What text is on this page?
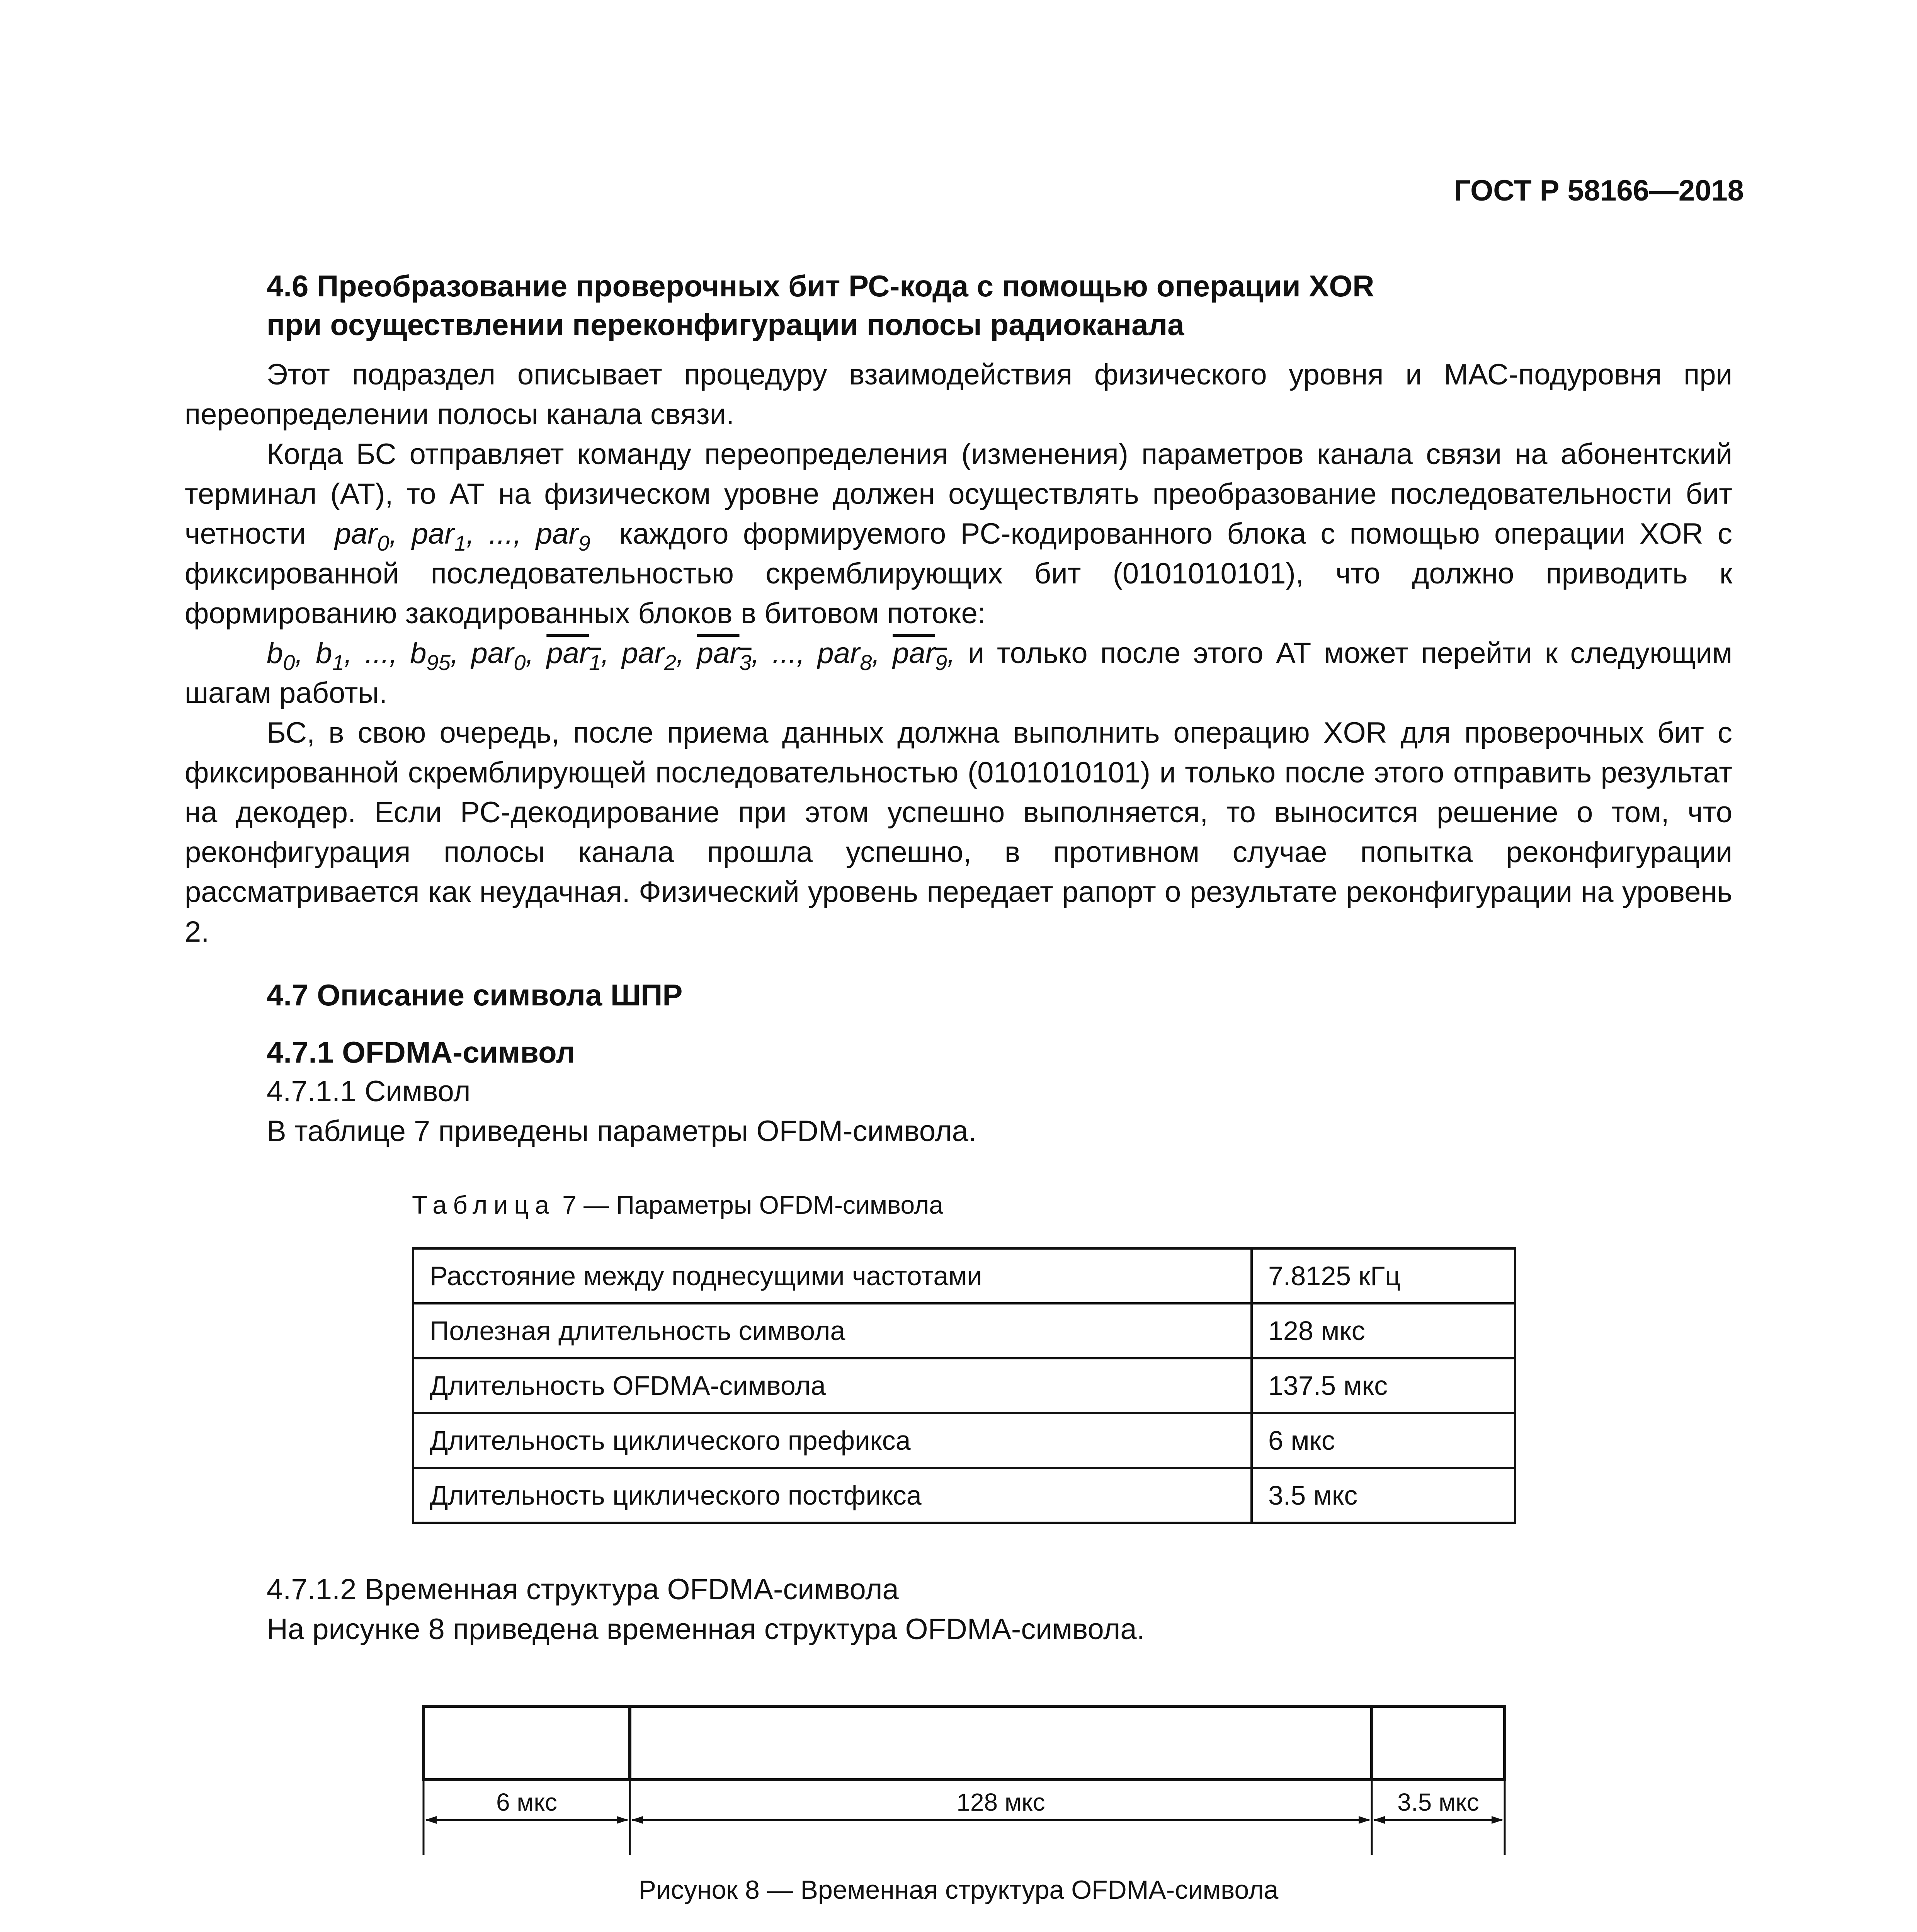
ГОСТ Р 58166—2018
4.6 Преобразование проверочных бит РС-кода с помощью операции XOR
при осуществлении переконфигурации полосы радиоканала

Этот подраздел описывает процедуру взаимодействия физического уровня и МАС-подуровня при переопределении полосы канала связи.

Когда БС отправляет команду переопределения (изменения) параметров канала связи на абонентский терминал (АТ), то АТ на физическом уровне должен осуществлять преобразование последовательности бит четности  par$_0$, par$_1$, ..., par$_9$ каждого формируемого РС-кодированного блока с помощью операции XOR с фиксированной последовательностью скремблирующих бит (0101010101), что должно приводить к формированию закодированных блоков в битовом потоке:

$b_0$, $b_1$, ..., $b_{95}$, par$_0$, par$_1$, par$_2$, par$_3$, ..., par$_8$, par$_9$, и только после этого АТ может перейти к следующим шагам работы.

БС, в свою очередь, после приема данных должна выполнить операцию XOR для проверочных бит с фиксированной скремблирующей последовательностью (0101010101) и только после этого отправить результат на декодер. Если РС-декодирование при этом успешно выполняется, то выносится решение о том, что реконфигурация полосы канала прошла успешно, в противном случае попытка реконфигурации рассматривается как неудачная. Физический уровень передает рапорт о результате реконфигурации на уровень 2.

4.7 Описание символа ШПР
4.7.1 OFDMA-символ

4.7.1.1 Символ

В таблице 7 приведены параметры OFDM-символа.

Таблица 7 — Параметры OFDM-символа
Расстояние между поднесущими частотами	7.8125 кГц
Полезная длительность символа	128 мкс
Длительность OFDMA-символа	137.5 мкс
Длительность циклического префикса	6 мкс
Длительность циклического постфикса	3.5 мкс

4.7.1.2 Временная структура OFDMA-символа

На рисунке 8 приведена временная структура OFDMA-символа.

6 мкс	128 мкс	3.5 мкс
Рисунок 8 — Временная структура OFDMA-символа
